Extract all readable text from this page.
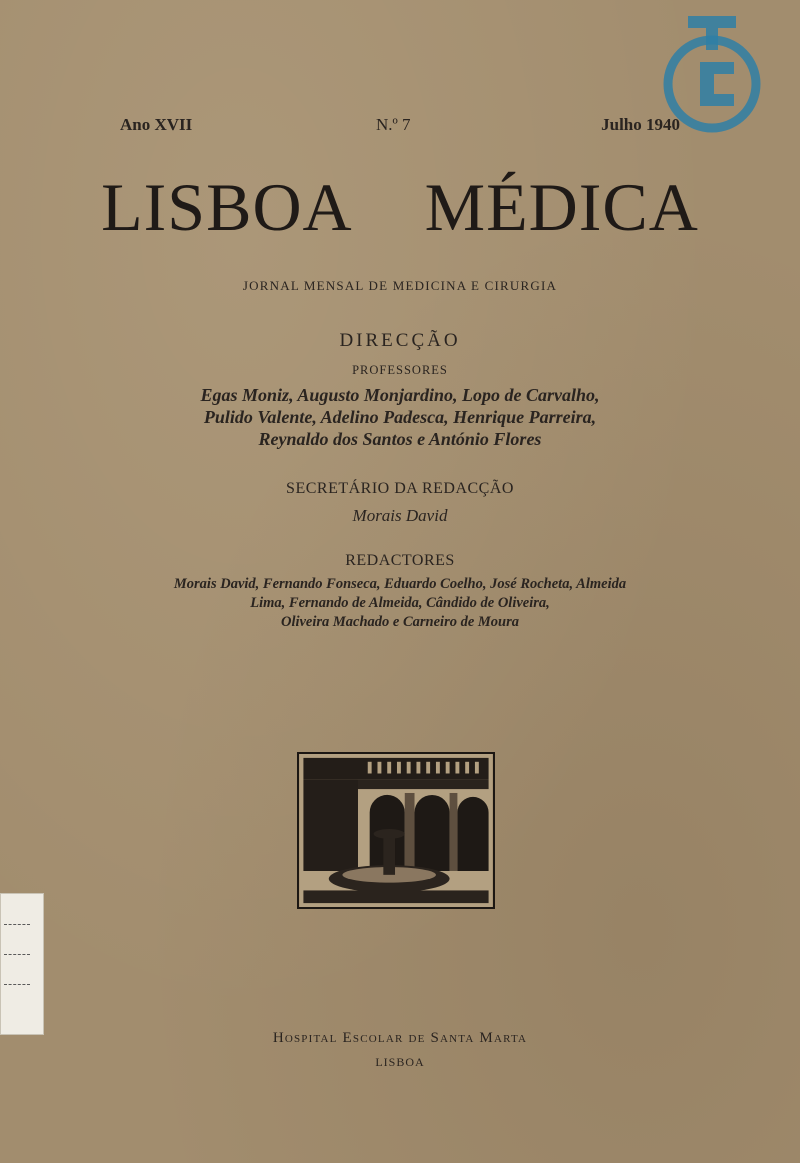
Ano XVII	N.º 7	Julho 1940
LISBOA MÉDICA
JORNAL MENSAL DE MEDICINA E CIRURGIA
DIRECÇÃO
PROFESSORES
Egas Moniz, Augusto Monjardino, Lopo de Carvalho,
Pulido Valente, Adelino Padesca, Henrique Parreira,
Reynaldo dos Santos e António Flores
SECRETÁRIO DA REDACÇÃO
Morais David
REDACTORES
Morais David, Fernando Fonseca, Eduardo Coelho, José Rocheta, Almeida
Lima, Fernando de Almeida, Cândido de Oliveira,
Oliveira Machado e Carneiro de Moura
Hospital Escolar de Santa Marta
LISBOA
